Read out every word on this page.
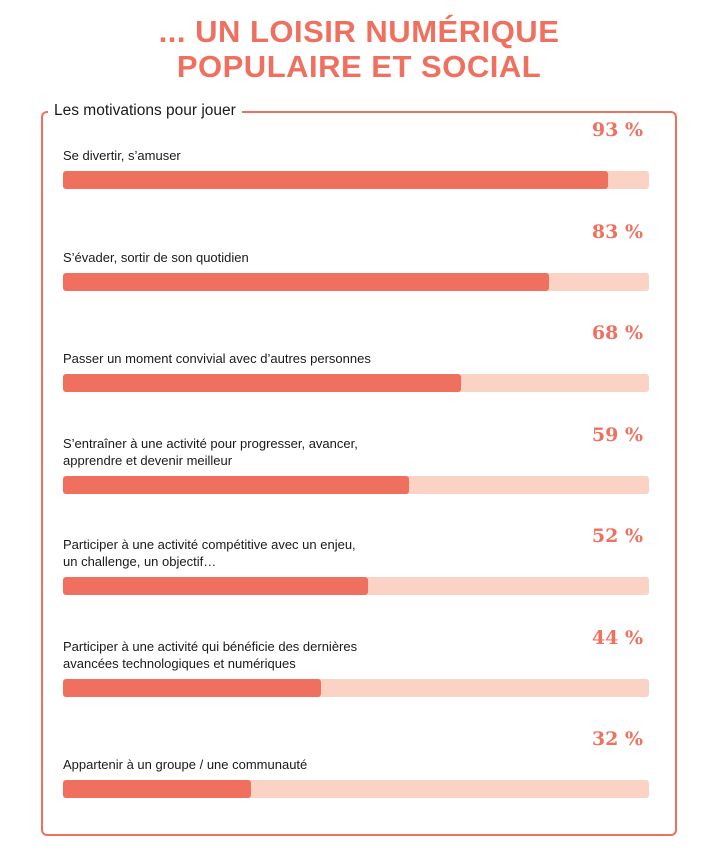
... UN LOISIR NUMÉRIQUE
POPULAIRE ET SOCIAL
Les motivations pour jouer
Se divertir, s’amuser
93 %
S’évader, sortir de son quotidien
83 %
Passer un moment convivial avec d’autres personnes
68 %
S’entraîner à une activité pour progresser, avancer,
apprendre et devenir meilleur
59 %
Participer à une activité compétitive avec un enjeu,
un challenge, un objectif…
52 %
Participer à une activité qui bénéficie des dernières
avancées technologiques et numériques
44 %
Appartenir à un groupe / une communauté
32 %
